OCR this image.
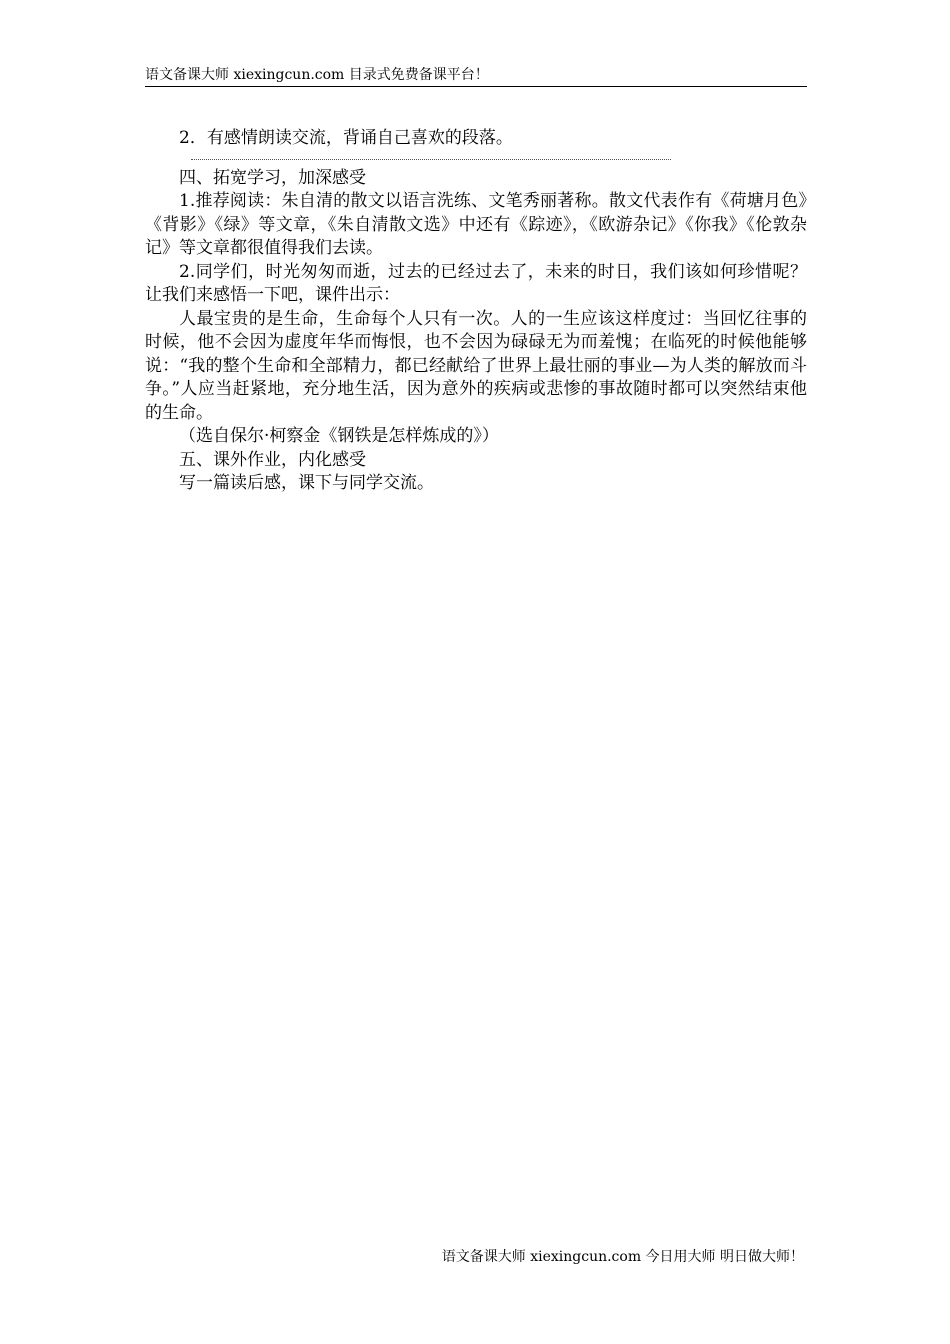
语文备课大师 xiexingcun.com 目录式免费备课平台！

2．有感情朗读交流，背诵自己喜欢的段落。

四、拓宽学习，加深感受

1.推荐阅读：朱自清的散文以语言洗练、文笔秀丽著称。散文代表作有《荷塘月色》《背影》《绿》等文章，《朱自清散文选》中还有《踪迹》，《欧游杂记》《你我》《伦敦杂记》等文章都很值得我们去读。

2.同学们，时光匆匆而逝，过去的已经过去了，未来的时日，我们该如何珍惜呢？让我们来感悟一下吧，课件出示：

人最宝贵的是生命，生命每个人只有一次。人的一生应该这样度过：当回忆往事的时候，他不会因为虚度年华而悔恨，也不会因为碌碌无为而羞愧；在临死的时候他能够说：“我的整个生命和全部精力，都已经献给了世界上最壮丽的事业—为人类的解放而斗争。”人应当赶紧地，充分地生活，因为意外的疾病或悲惨的事故随时都可以突然结束他的生命。

（选自保尔·柯察金《钢铁是怎样炼成的》）

五、课外作业，内化感受

写一篇读后感，课下与同学交流。

语文备课大师 xiexingcun.com 今日用大师 明日做大师！
